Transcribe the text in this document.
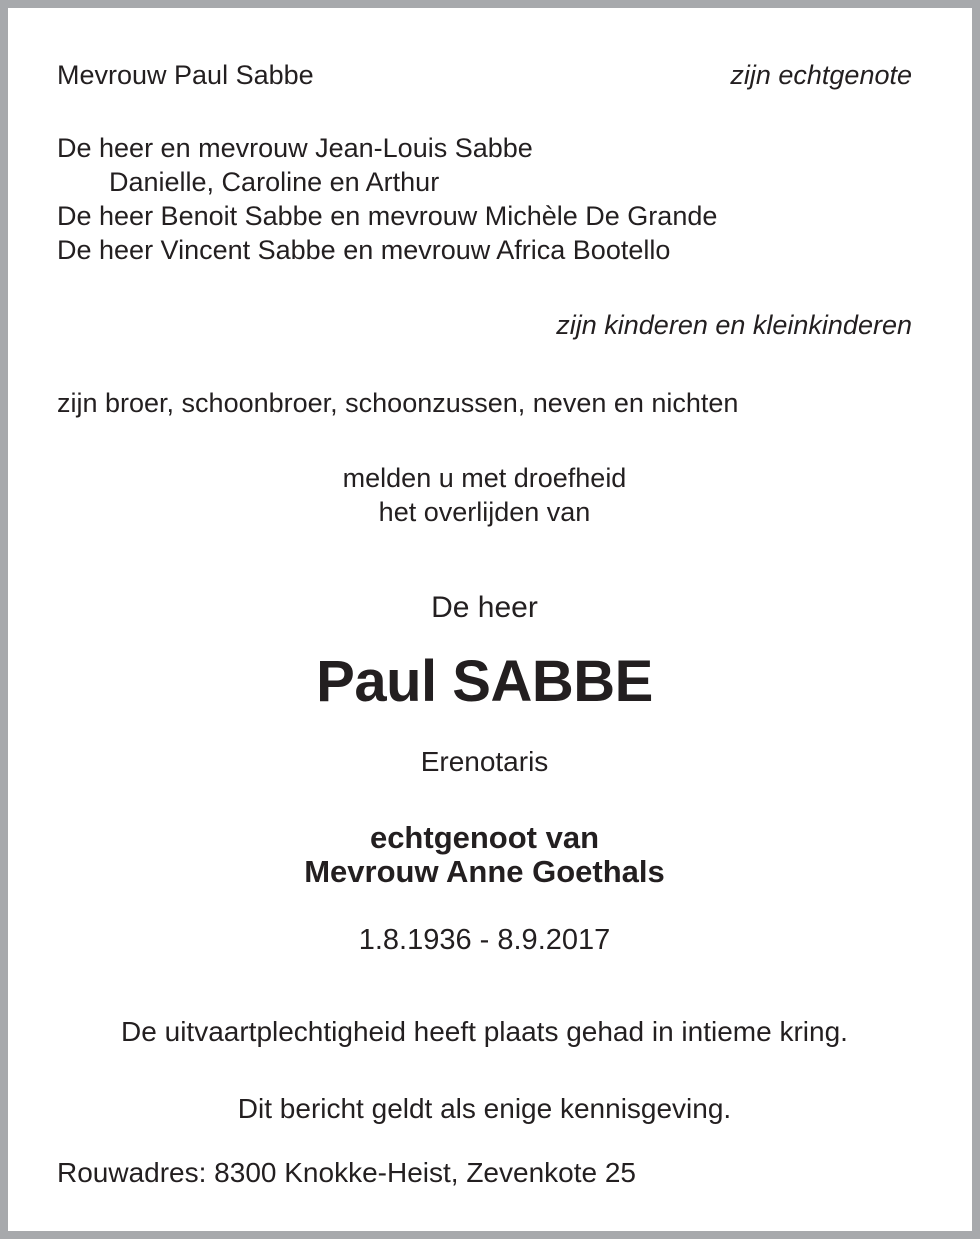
Mevrouw Paul Sabbe	zijn echtgenote
De heer en mevrouw Jean-Louis Sabbe
Danielle, Caroline en Arthur
De heer Benoit Sabbe en mevrouw Michèle De Grande
De heer Vincent Sabbe en mevrouw Africa Bootello
zijn kinderen en kleinkinderen
zijn broer, schoonbroer, schoonzussen, neven en nichten
melden u met droefheid
het overlijden van
De heer
Paul SABBE
Erenotaris
echtgenoot van
Mevrouw Anne Goethals
1.8.1936 - 8.9.2017
De uitvaartplechtigheid heeft plaats gehad in intieme kring.
Dit bericht geldt als enige kennisgeving.
Rouwadres: 8300 Knokke-Heist, Zevenkote 25
